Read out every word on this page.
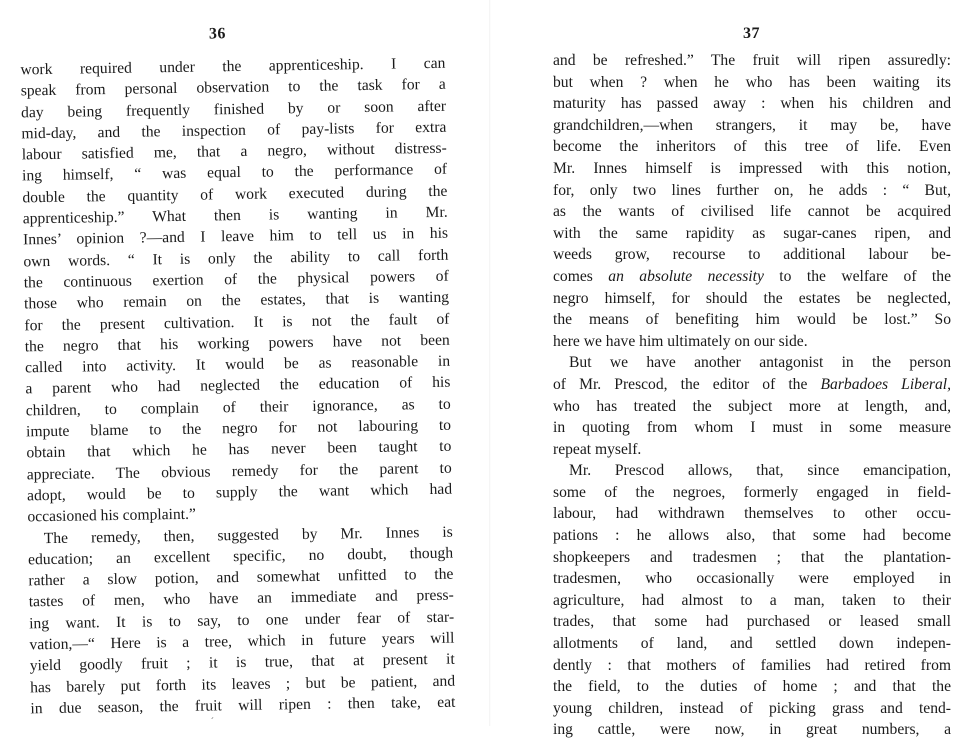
36
work required under the apprenticeship. I can
speak from personal observation to the task for a
day being frequently finished by or soon after
mid-day, and the inspection of pay-lists for extra
labour satisfied me, that a negro, without distress-
ing himself, “ was equal to the performance of
double the quantity of work executed during the
apprenticeship.” What then is wanting in Mr.
Innes’ opinion ?—and I leave him to tell us in his
own words. “ It is only the ability to call forth
the continuous exertion of the physical powers of
those who remain on the estates, that is wanting
for the present cultivation. It is not the fault of
the negro that his working powers have not been
called into activity. It would be as reasonable in
a parent who had neglected the education of his
children, to complain of their ignorance, as to
impute blame to the negro for not labouring to
obtain that which he has never been taught to
appreciate. The obvious remedy for the parent to
adopt, would be to supply the want which had
occasioned his complaint.”
The remedy, then, suggested by Mr. Innes is
education; an excellent specific, no doubt, though
rather a slow potion, and somewhat unfitted to the
tastes of men, who have an immediate and press-
ing want. It is to say, to one under fear of star-
vation,—“ Here is a tree, which in future years will
yield goodly fruit ; it is true, that at present it
has barely put forth its leaves ; but be patient, and
in due season, the fruit will ripen : then take, eat
´
37
and be refreshed.” The fruit will ripen assuredly:
but when ? when he who has been waiting its
maturity has passed away : when his children and
grandchildren,—when strangers, it may be, have
become the inheritors of this tree of life. Even
Mr. Innes himself is impressed with this notion,
for, only two lines further on, he adds : “ But,
as the wants of civilised life cannot be acquired
with the same rapidity as sugar-canes ripen, and
weeds grow, recourse to additional labour be-
comes an absolute necessity to the welfare of the
negro himself, for should the estates be neglected,
the means of benefiting him would be lost.” So
here we have him ultimately on our side.
But we have another antagonist in the person
of Mr. Prescod, the editor of the Barbadoes Liberal,
who has treated the subject more at length, and,
in quoting from whom I must in some measure
repeat myself.
Mr. Prescod allows, that, since emancipation,
some of the negroes, formerly engaged in field-
labour, had withdrawn themselves to other occu-
pations : he allows also, that some had become
shopkeepers and tradesmen ; that the plantation-
tradesmen, who occasionally were employed in
agriculture, had almost to a man, taken to their
trades, that some had purchased or leased small
allotments of land, and settled down indepen-
dently : that mothers of families had retired from
the field, to the duties of home ; and that the
young children, instead of picking grass and tend-
ing cattle, were now, in great numbers, a
